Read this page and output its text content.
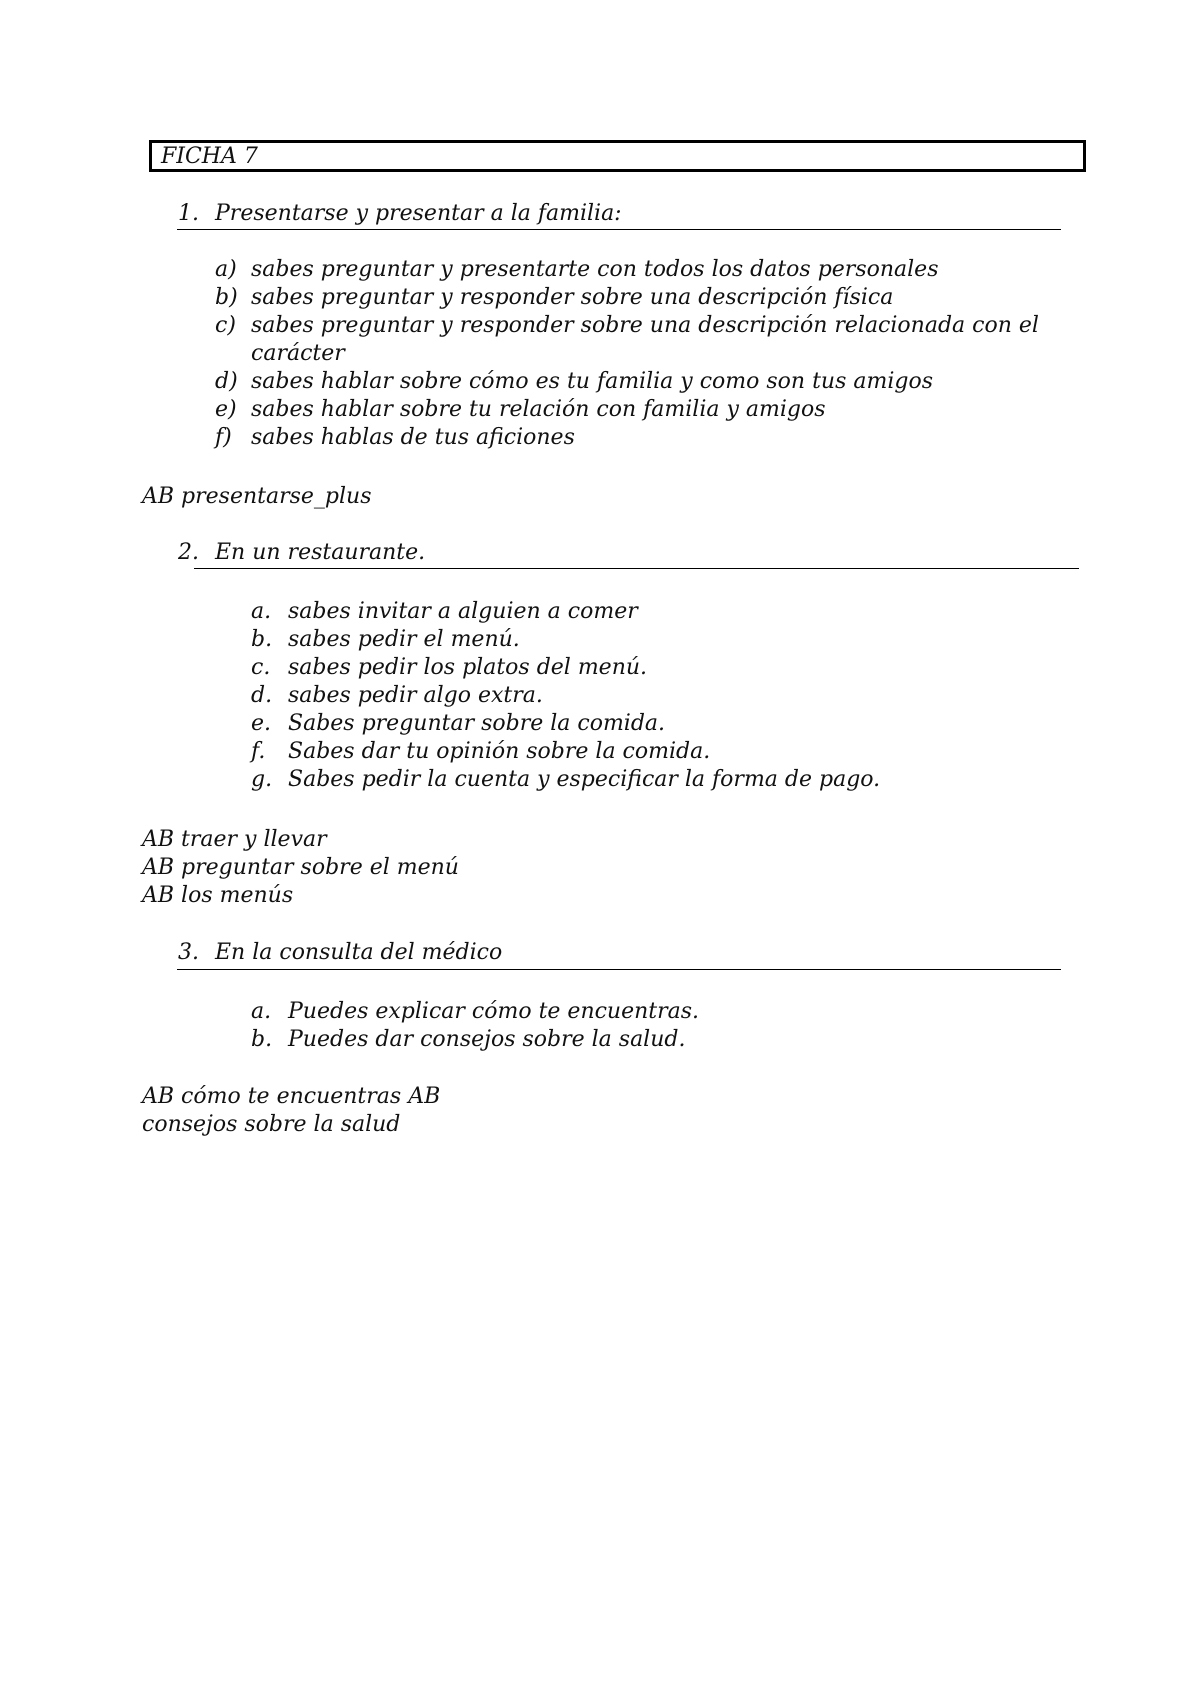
FICHA 7
1. Presentarse y presentar a la familia:
a) sabes preguntar y presentarte con todos los datos personales
b) sabes preguntar y responder sobre una descripción física
c) sabes preguntar y responder sobre una descripción relacionada con el
carácter
d) sabes hablar sobre cómo es tu familia y como son tus amigos
e) sabes hablar sobre tu relación con familia y amigos
f) sabes hablas de tus aficiones
AB presentarse_plus
2. En un restaurante.
a. sabes invitar a alguien a comer
b. sabes pedir el menú.
c. sabes pedir los platos del menú.
d. sabes pedir algo extra.
e. Sabes preguntar sobre la comida.
f. Sabes dar tu opinión sobre la comida.
g. Sabes pedir la cuenta y especificar la forma de pago.
AB traer y llevar
AB preguntar sobre el menú
AB los menús
3. En la consulta del médico
a. Puedes explicar cómo te encuentras.
b. Puedes dar consejos sobre la salud.
AB cómo te encuentras AB
consejos sobre la salud
